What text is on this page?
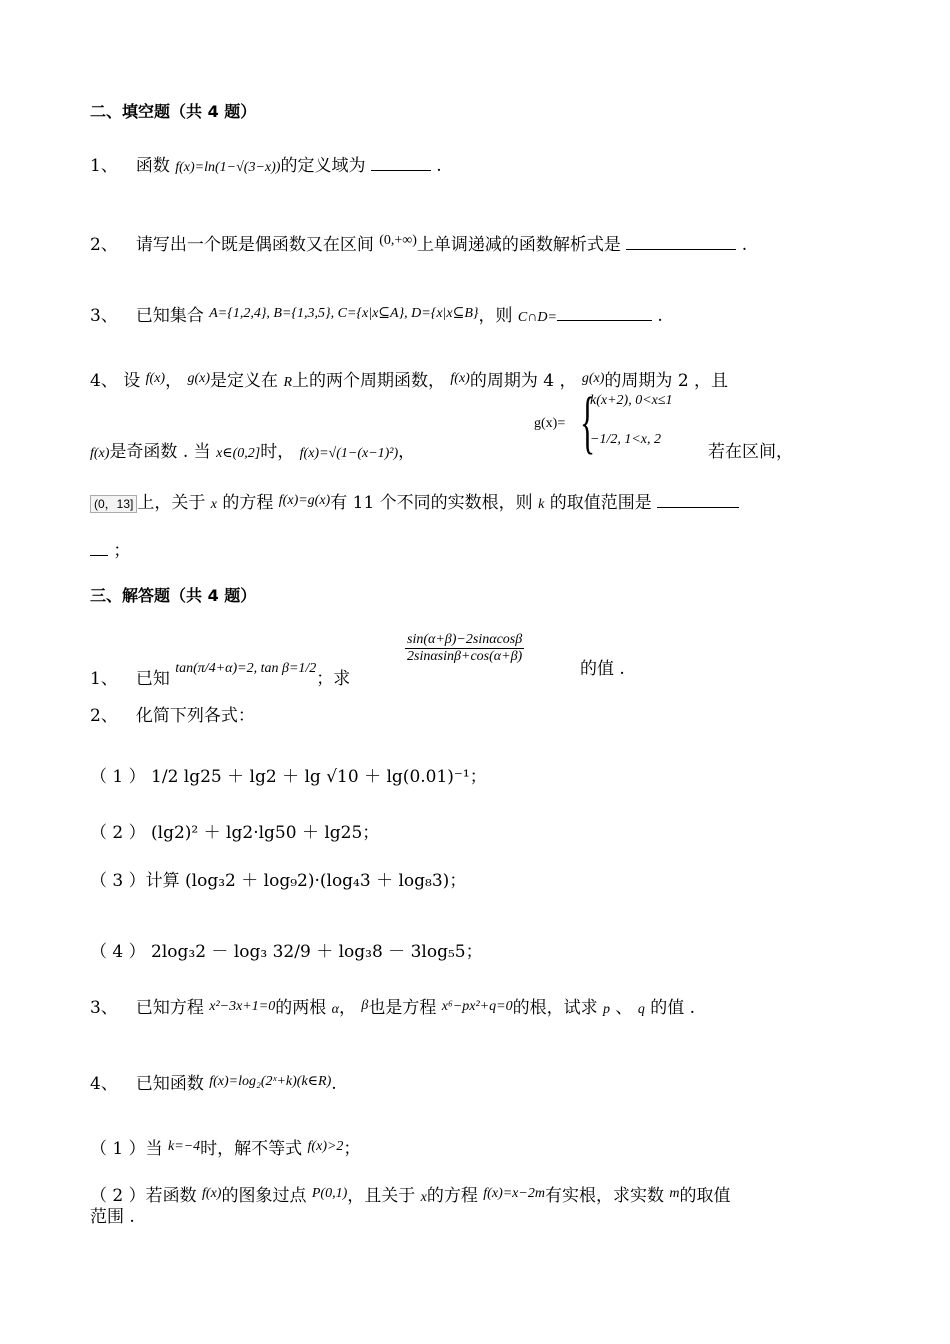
二、填空题（共 4 题）
1、 函数 f(x)=ln(1−√(3−x))的定义域为	.
2、 请写出一个既是偶函数又在区间 $^{(0,+\infty)}$上单调递减的函数解析式是	.
3、 已知集合 $^{A=\{1,2,4\}, B=\{1,3,5\}, C=\{x|x⊆A\}, D=\{x|x⊆B\}}$，则 C∩D=	.
4、 设 $^{f(x)}$， $^{g(x)}$是定义在 R上的两个周期函数， $^{f(x)}$的周期为 4 ， $^{g(x)}$的周期为 2 ，且
f(x)是奇函数 . 当 x∈(0,2]时， f(x)=√(1−(x−1)²)，
g(x)= {
k(x+2), 0<x≤1
−1/2, 1<x, 2
若在区间，
(0，13] 上，关于 x 的方程 $^{f(x)=g(x)}$有 11 个不同的实数根，则 k 的取值范围是
；
三、解答题（共 4 题）
1、 已知 $^{tan(\pi/4+\alpha)=2, tan \beta=1/2}$；求
$\frac{\sin(\alpha+\beta)-2\sin\alpha\cos\beta}{2\sin\alpha\sin\beta+\cos(\alpha+\beta)}$
的值 .
2、 化简下列各式：
（ 1 ） 1/2 lg25 ＋ lg2 ＋ lg √10 ＋ lg(0.01)⁻¹；
（ 2 ） (lg2)² ＋ lg2·lg50 ＋ lg25；
（ 3 ）计算 (log₃2 ＋ log₉2)·(log₄3 ＋ log₈3)；
（ 4 ） 2log₃2 － log₃ 32/9 ＋ log₃8 － 3log₅5；
3、 已知方程 x²−3x+1=0的两根 α， $^\beta$也是方程 x⁶−px²+q=0的根，试求 p 、 q 的值 .
4、 已知函数 $^{f(x)=log_2(2ˣ+k)(k\in R)}$.
（ 1 ）当 $^{k=-4}$时，解不等式 $^{f(x)>2}$；
（ 2 ）若函数 $^{f(x)}$的图象过点 $^{P(0,1)}$，且关于 x的方程 $^{f(x)=x-2m}$有实根，求实数 $^m$的取值
范围 .
